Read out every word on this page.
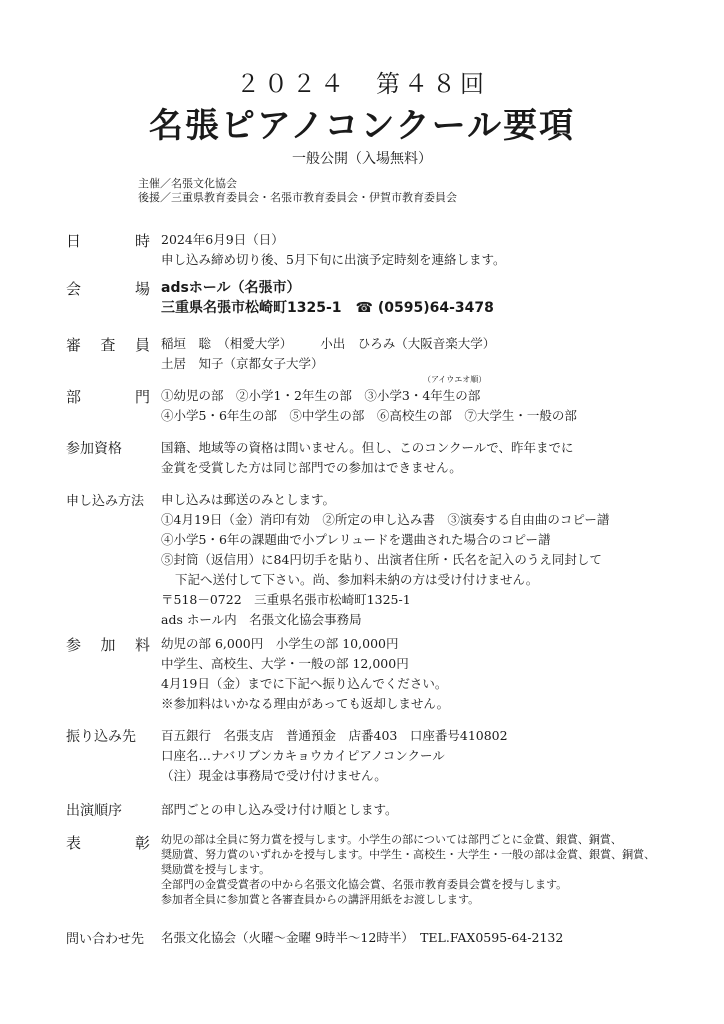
２０２４　第４８回
名張ピアノコンクール要項
一般公開（入場無料）
主催／名張文化協会
後援／三重県教育委員会・名張市教育委員会・伊賀市教育委員会
日	時 2024年6月9日（日）
申し込み締め切り後、5月下旬に出演予定時刻を連絡します。
会	場 adsホール（名張市）
三重県名張市松崎町1325-1 ☎ (0595)64-3478
審 査 員 稲垣　聡　 （相愛大学） 小出　ひろみ（大阪音楽大学）
土居　知子（京都女子大学）
（アイウエオ順）
部	門 ①幼児の部　②小学1・2年生の部　③小学3・4年生の部
④小学5・6年生の部　⑤中学生の部　⑥高校生の部　⑦大学生・一般の部
参加資格	国籍、地域等の資格は問いません。但し、このコンクールで、昨年までに
金賞を受賞した方は同じ部門での参加はできません。
申し込み方法	申し込みは郵送のみとします。
①4月19日（金）消印有効　②所定の申し込み書　③演奏する自由曲のコピー譜
④小学5・6年の課題曲で小プレリュードを選曲された場合のコピー譜
⑤封筒（返信用）に84円切手を貼り、出演者住所・氏名を記入のうえ同封して
下記へ送付して下さい。尚、参加料未納の方は受け付けません。
〒518－0722　三重県名張市松崎町1325-1
ads ホール内　名張文化協会事務局
参 加 料 幼児の部 6,000円　小学生の部 10,000円
中学生、高校生、大学・一般の部 12,000円
4月19日（金）までに下記へ振り込んでください。
※参加料はいかなる理由があっても返却しません。
振り込み先	百五銀行　名張支店　普通預金　店番403　口座番号410802
口座名…ナバリブンカキョウカイピアノコンクール
（注）現金は事務局で受け付けません。
出演順序	部門ごとの申し込み受け付け順とします。
表	彰 幼児の部は全員に努力賞を授与します。小学生の部については部門ごとに金賞、銀賞、銅賞、
奨励賞、努力賞のいずれかを授与します。中学生・高校生・大学生・一般の部は金賞、銀賞、銅賞、
奨励賞を授与します。
全部門の金賞受賞者の中から名張文化協会賞、名張市教育委員会賞を授与します。
参加者全員に参加賞と各審査員からの講評用紙をお渡しします。
問い合わせ先	名張文化協会（火曜～金曜 9時半～12時半）　TEL.FAX0595-64-2132
